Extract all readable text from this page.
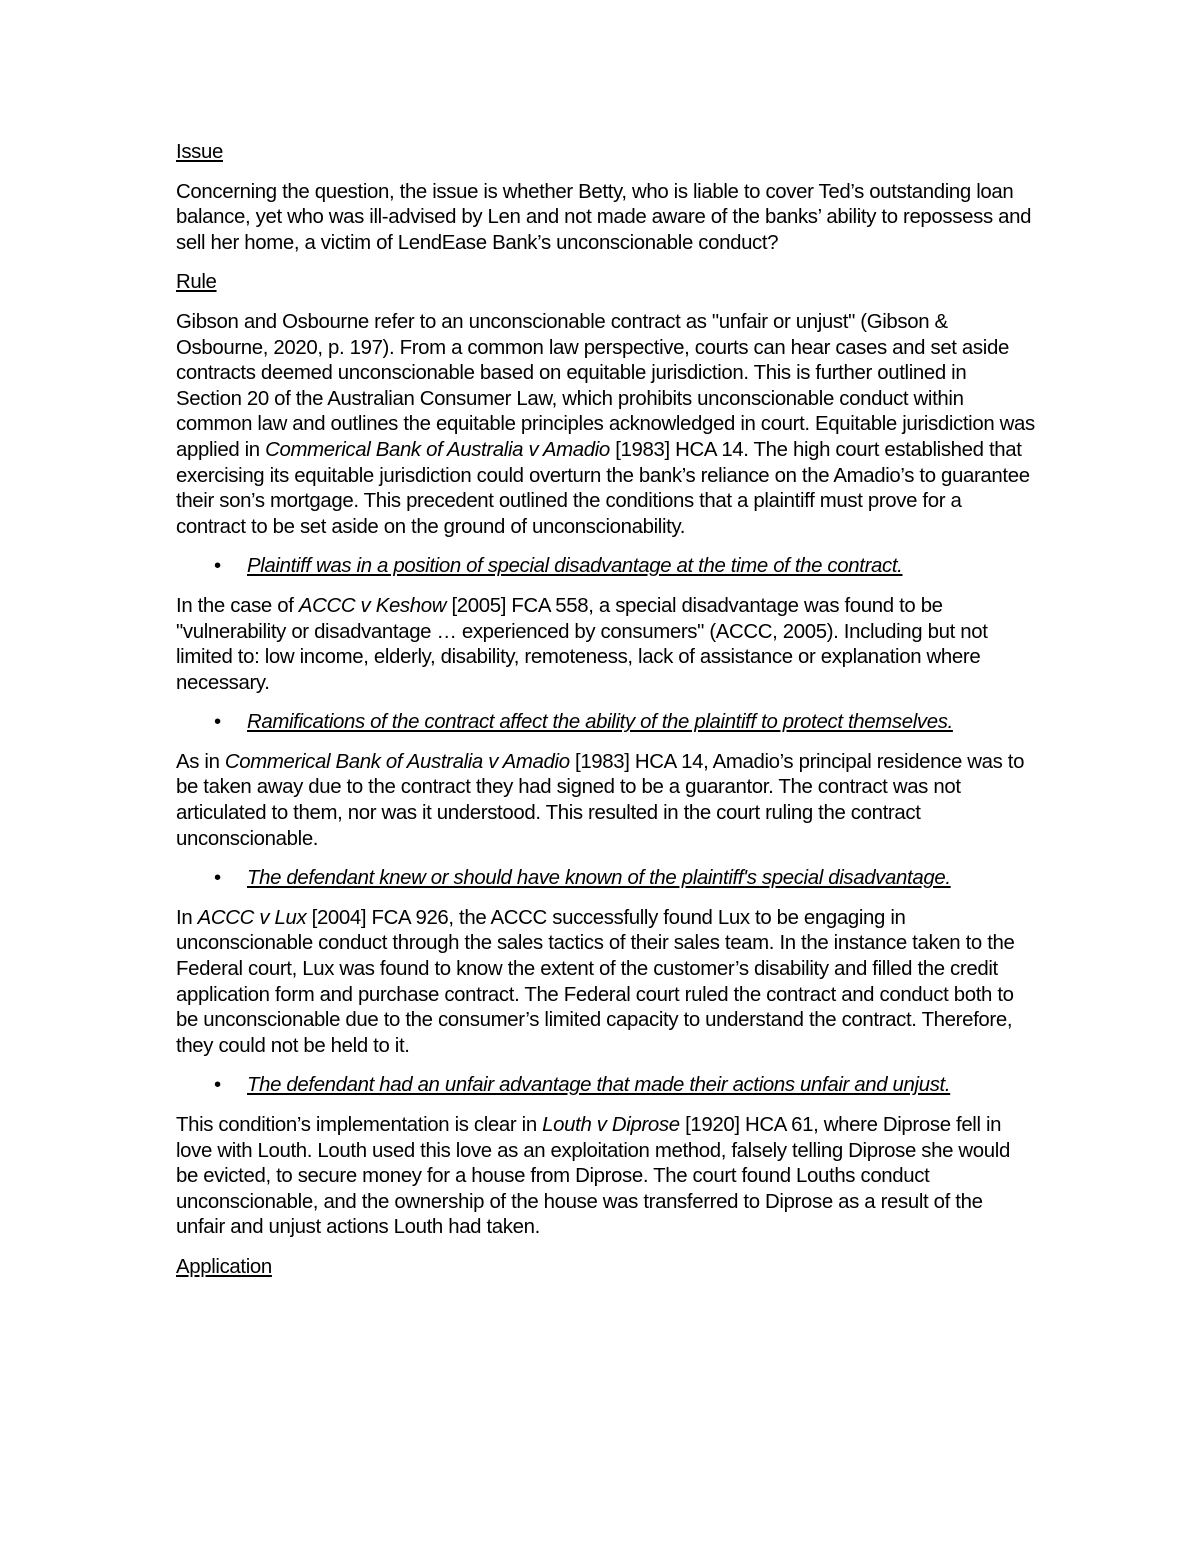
Issue
Concerning the question, the issue is whether Betty, who is liable to cover Ted’s outstanding loan balance, yet who was ill-advised by Len and not made aware of the banks’ ability to repossess and sell her home, a victim of LendEase Bank’s unconscionable conduct?
Rule
Gibson and Osbourne refer to an unconscionable contract as "unfair or unjust" (Gibson & Osbourne, 2020, p. 197). From a common law perspective, courts can hear cases and set aside contracts deemed unconscionable based on equitable jurisdiction. This is further outlined in Section 20 of the Australian Consumer Law, which prohibits unconscionable conduct within common law and outlines the equitable principles acknowledged in court. Equitable jurisdiction was applied in Commerical Bank of Australia v Amadio [1983] HCA 14. The high court established that exercising its equitable jurisdiction could overturn the bank’s reliance on the Amadio’s to guarantee their son’s mortgage. This precedent outlined the conditions that a plaintiff must prove for a contract to be set aside on the ground of unconscionability.
• Plaintiff was in a position of special disadvantage at the time of the contract.
In the case of ACCC v Keshow [2005] FCA 558, a special disadvantage was found to be "vulnerability or disadvantage … experienced by consumers" (ACCC, 2005). Including but not limited to: low income, elderly, disability, remoteness, lack of assistance or explanation where necessary.
• Ramifications of the contract affect the ability of the plaintiff to protect themselves.
As in Commerical Bank of Australia v Amadio [1983] HCA 14, Amadio’s principal residence was to be taken away due to the contract they had signed to be a guarantor. The contract was not articulated to them, nor was it understood. This resulted in the court ruling the contract unconscionable.
• The defendant knew or should have known of the plaintiff's special disadvantage.
In ACCC v Lux [2004] FCA 926, the ACCC successfully found Lux to be engaging in unconscionable conduct through the sales tactics of their sales team. In the instance taken to the Federal court, Lux was found to know the extent of the customer’s disability and filled the credit application form and purchase contract. The Federal court ruled the contract and conduct both to be unconscionable due to the consumer’s limited capacity to understand the contract. Therefore, they could not be held to it.
• The defendant had an unfair advantage that made their actions unfair and unjust.
This condition’s implementation is clear in Louth v Diprose [1920] HCA 61, where Diprose fell in love with Louth. Louth used this love as an exploitation method, falsely telling Diprose she would be evicted, to secure money for a house from Diprose. The court found Louths conduct unconscionable, and the ownership of the house was transferred to Diprose as a result of the unfair and unjust actions Louth had taken.
Application
